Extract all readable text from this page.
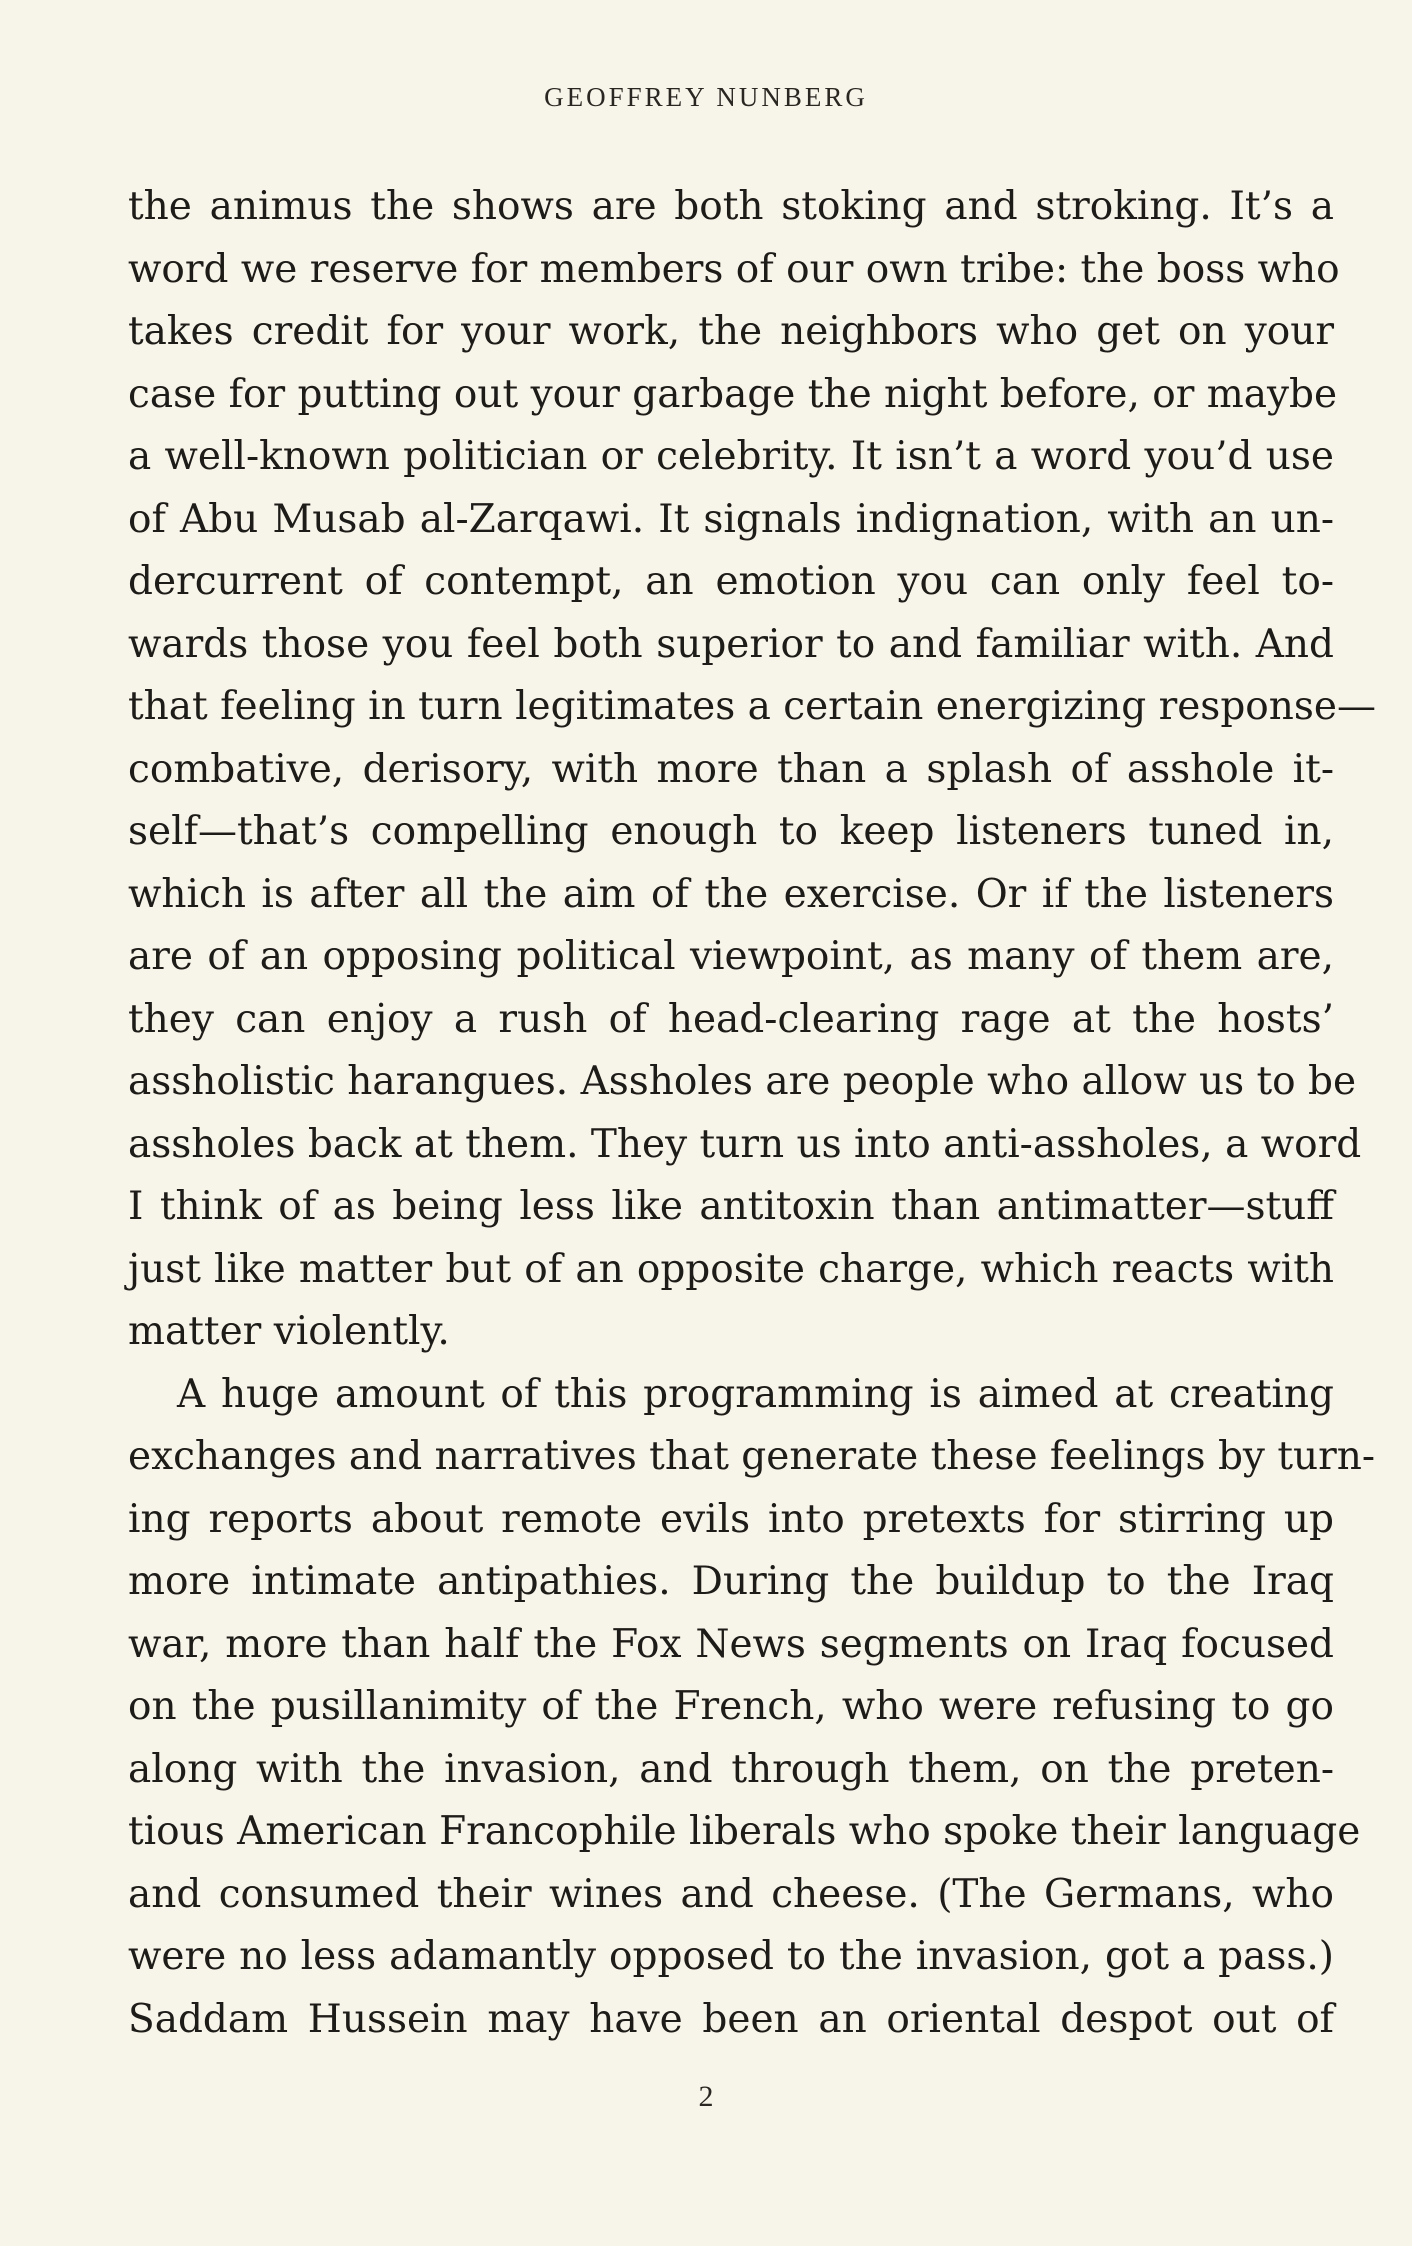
GEOFFREY NUNBERG
the animus the shows are both stoking and stroking. It’s a
word we reserve for members of our own tribe: the boss who
takes credit for your work, the neighbors who get on your
case for putting out your garbage the night before, or maybe
a well-known politician or celebrity. It isn’t a word you’d use
of Abu Musab al-Zarqawi. It signals indignation, with an un-
dercurrent of contempt, an emotion you can only feel to-
wards those you feel both superior to and familiar with. And
that feeling in turn legitimates a certain energizing response—
combative, derisory, with more than a splash of asshole it-
self—that’s compelling enough to keep listeners tuned in,
which is after all the aim of the exercise. Or if the listeners
are of an opposing political viewpoint, as many of them are,
they can enjoy a rush of head-clearing rage at the hosts’
assholistic harangues. Assholes are people who allow us to be
assholes back at them. They turn us into anti-assholes, a word
I think of as being less like antitoxin than antimatter—stuff
just like matter but of an opposite charge, which reacts with
matter violently.
A huge amount of this programming is aimed at creating
exchanges and narratives that generate these feelings by turn-
ing reports about remote evils into pretexts for stirring up
more intimate antipathies. During the buildup to the Iraq
war, more than half the Fox News segments on Iraq focused
on the pusillanimity of the French, who were refusing to go
along with the invasion, and through them, on the preten-
tious American Francophile liberals who spoke their language
and consumed their wines and cheese. (The Germans, who
were no less adamantly opposed to the invasion, got a pass.)
Saddam Hussein may have been an oriental despot out of
2
